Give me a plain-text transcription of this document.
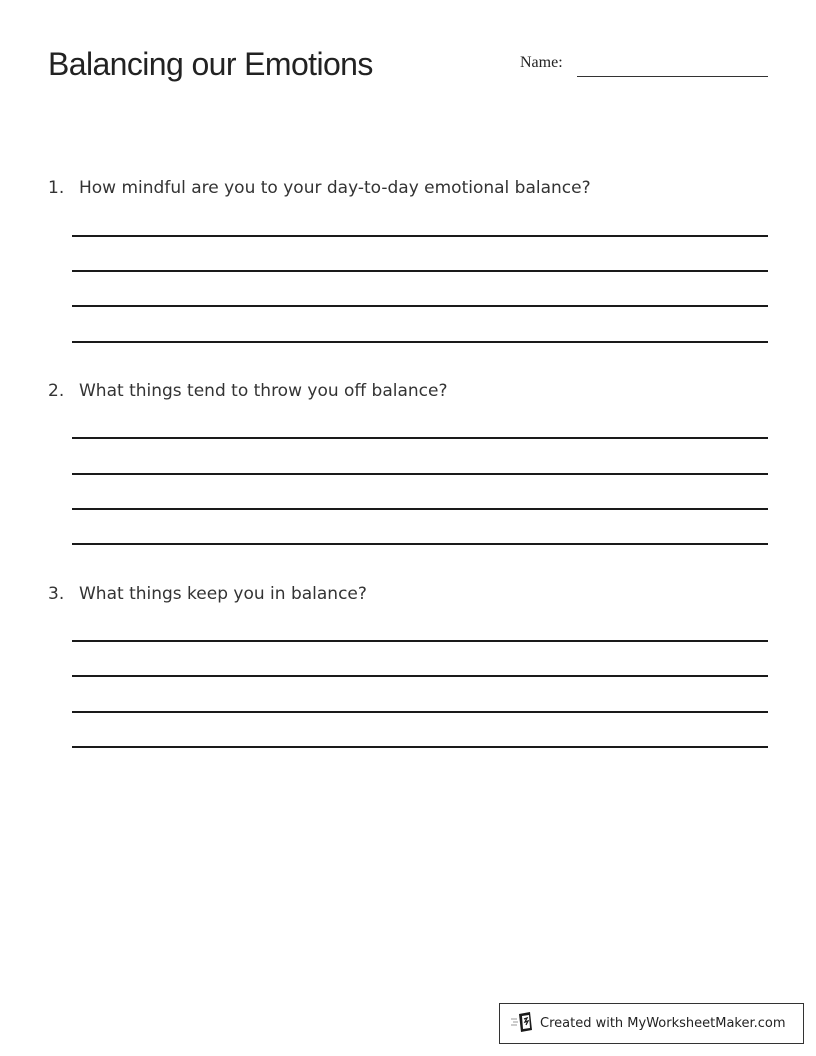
Balancing our Emotions	Name:
1. How mindful are you to your day-to-day emotional balance?
2. What things tend to throw you off balance?
3. What things keep you in balance?
Created with MyWorksheetMaker.com
